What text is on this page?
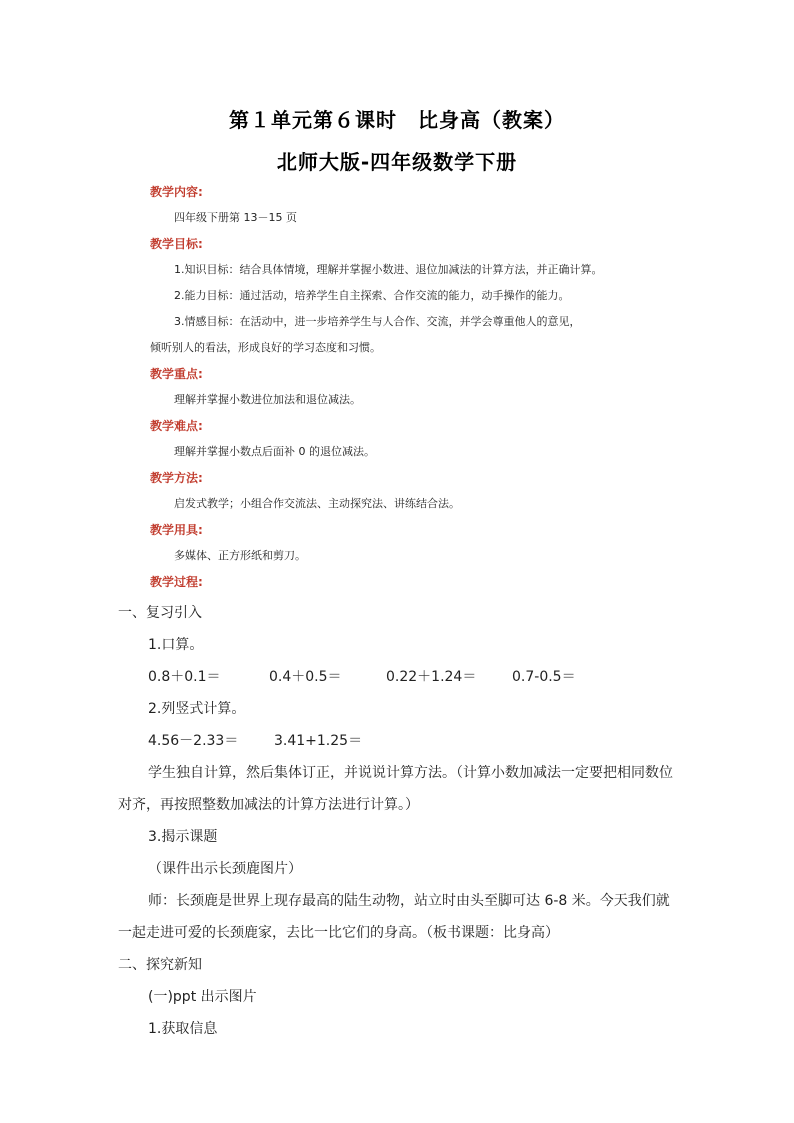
第１单元第６课时　比身高（教案）
北师大版-四年级数学下册
教学内容:
四年级下册第 13－15 页
教学目标:
1.知识目标：结合具体情境，理解并掌握小数进、退位加减法的计算方法，并正确计算。
2.能力目标：通过活动，培养学生自主探索、合作交流的能力，动手操作的能力。
3.情感目标：在活动中，进一步培养学生与人合作、交流，并学会尊重他人的意见，
倾听别人的看法，形成良好的学习态度和习惯。
教学重点:
理解并掌握小数进位加法和退位减法。
教学难点:
理解并掌握小数点后面补 0 的退位减法。
教学方法:
启发式教学；小组合作交流法、主动探究法、讲练结合法。
教学用具:
多媒体、正方形纸和剪刀。
教学过程:
一、复习引入
1.口算。
0.8＋0.1＝	0.4＋0.5＝	0.22＋1.24＝	0.7-0.5＝
2.列竖式计算。
4.56－2.33＝	3.41+1.25＝
学生独自计算，然后集体订正，并说说计算方法。（计算小数加减法一定要把相同数位
对齐，再按照整数加减法的计算方法进行计算。）
3.揭示课题
（课件出示长颈鹿图片）
师：长颈鹿是世界上现存最高的陆生动物，站立时由头至脚可达 6-8 米。今天我们就
一起走进可爱的长颈鹿家，去比一比它们的身高。（板书课题：比身高）
二、探究新知
(一)ppt 出示图片
1.获取信息
